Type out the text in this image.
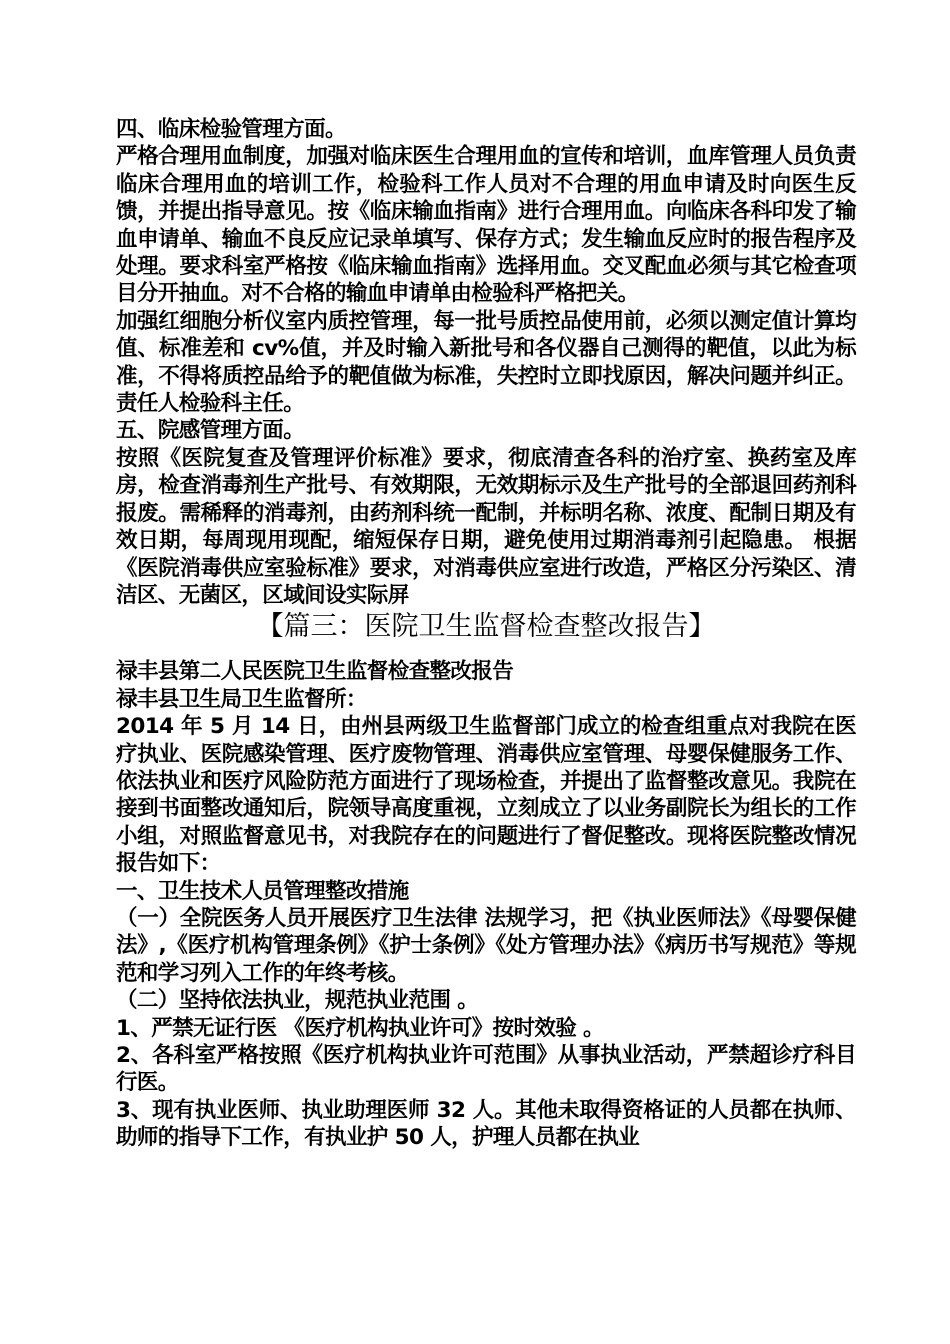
四、临床检验管理方面。

严格合理用血制度，加强对临床医生合理用血的宣传和培训，血库管理人员负责临床合理用血的培训工作，检验科工作人员对不合理的用血申请及时向医生反馈，并提出指导意见。按《临床输血指南》进行合理用血。向临床各科印发了输血申请单、输血不良反应记录单填写、保存方式；发生输血反应时的报告程序及处理。要求科室严格按《临床输血指南》选择用血。交叉配血必须与其它检查项目分开抽血。对不合格的输血申请单由检验科严格把关。

加强红细胞分析仪室内质控管理，每一批号质控品使用前，必须以测定值计算均值、标准差和 cv%值，并及时输入新批号和各仪器自己测得的靶值，以此为标准，不得将质控品给予的靶值做为标准，失控时立即找原因，解决问题并纠正。责任人检验科主任。

五、院感管理方面。

按照《医院复查及管理评价标准》要求，彻底清查各科的治疗室、换药室及库房，检查消毒剂生产批号、有效期限，无效期标示及生产批号的全部退回药剂科报废。需稀释的消毒剂，由药剂科统一配制，并标明名称、浓度、配制日期及有效日期，每周现用现配，缩短保存日期，避免使用过期消毒剂引起隐患。 根据《医院消毒供应室验标准》要求，对消毒供应室进行改造，严格区分污染区、清洁区、无菌区，区域间设实际屏

【篇三：医院卫生监督检查整改报告】

禄丰县第二人民医院卫生监督检查整改报告

禄丰县卫生局卫生监督所：

2014 年 5 月 14 日，由州县两级卫生监督部门成立的检查组重点对我院在医疗执业、医院感染管理、医疗废物管理、消毒供应室管理、母婴保健服务工作、依法执业和医疗风险防范方面进行了现场检查，并提出了监督整改意见。我院在接到书面整改通知后，院领导高度重视，立刻成立了以业务副院长为组长的工作小组，对照监督意见书，对我院存在的问题进行了督促整改。现将医院整改情况报告如下：

一、卫生技术人员管理整改措施

（一）全院医务人员开展医疗卫生法律 法规学习，把《执业医师法》《母婴保健法》,《医疗机构管理条例》《护士条例》《处方管理办法》《病历书写规范》等规范和学习列入工作的年终考核。

（二）坚持依法执业，规范执业范围 。

1、严禁无证行医 《医疗机构执业许可》按时效验 。

2、各科室严格按照《医疗机构执业许可范围》从事执业活动，严禁超诊疗科目行医。

3、现有执业医师、执业助理医师 32 人。其他未取得资格证的人员都在执师、助师的指导下工作，有执业护 50 人，护理人员都在执业
